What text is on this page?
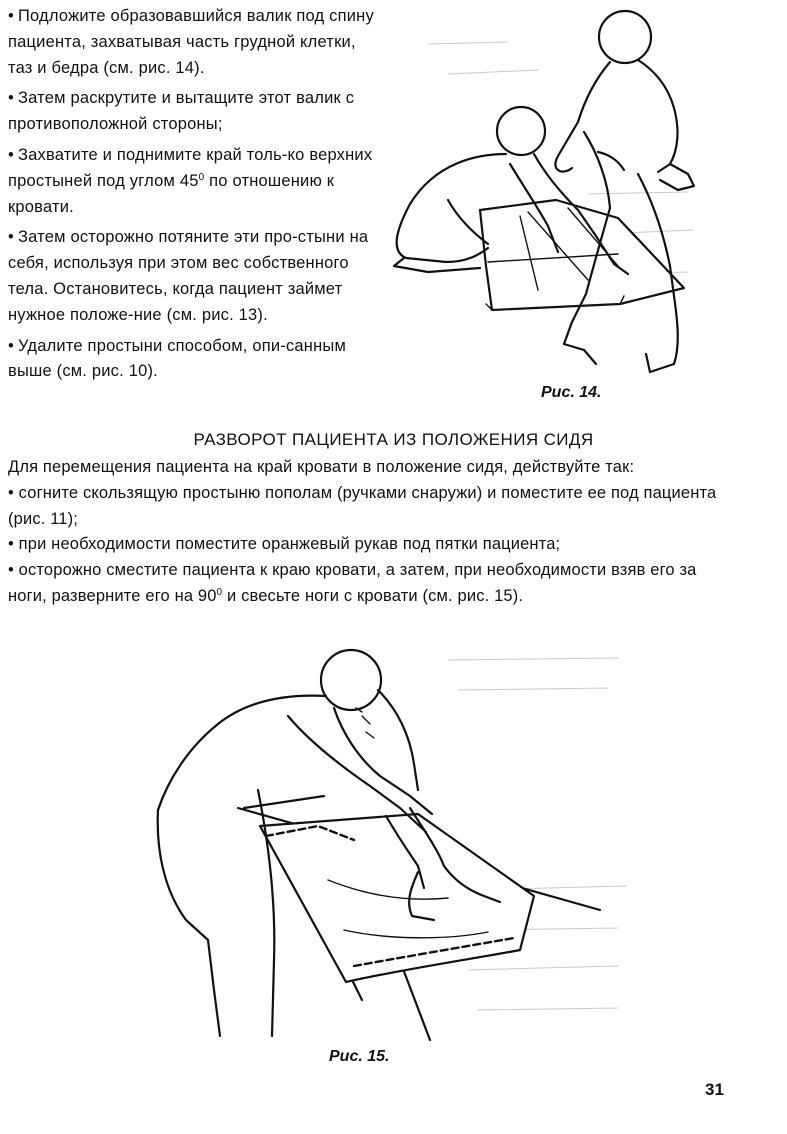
• Подложите образовавшийся валик под спину пациента, захватывая часть грудной клетки, таз и бедра (см. рис. 14).
• Затем раскрутите и вытащите этот валик с противоположной стороны;
• Захватите и поднимите край толь-ко верхних простыней под углом $45^0$ по отношению к кровати.
• Затем осторожно потяните эти про-стыни на себя, используя при этом вес собственного тела. Остановитесь, когда пациент займет нужное положе-ние (см. рис. 13).
• Удалите простыни способом, опи-санным выше (см. рис. 10).
Рис. 14.
РАЗВОРОТ ПАЦИЕНТА ИЗ ПОЛОЖЕНИЯ СИДЯ

Для перемещения пациента на край кровати в положение сидя, действуйте так:

• согните скользящую простыню пополам (ручками снаружи) и поместите ее под пациента (рис. 11);

• при необходимости поместите оранжевый рукав под пятки пациента;

• осторожно сместите пациента к краю кровати, а затем, при необходимости взяв его за ноги, разверните его на $90^0$ и свесьте ноги с кровати (см. рис. 15).

Рис. 15.
31
